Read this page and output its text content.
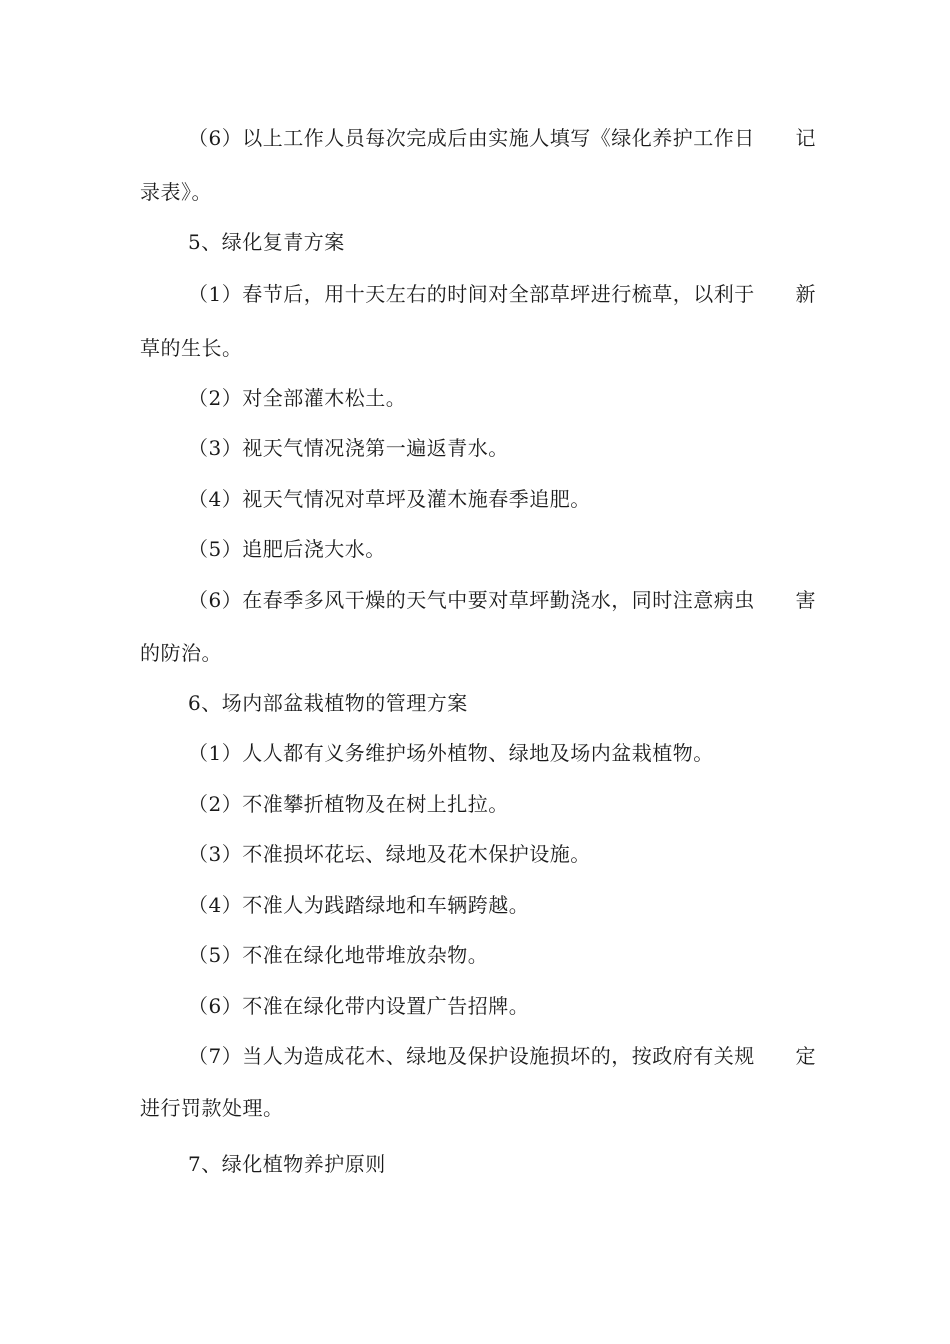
（6）以上工作人员每次完成后由实施人填写《绿化养护工作日 记
录表》。
5、绿化复青方案
（1）春节后，用十天左右的时间对全部草坪进行梳草，以利于 新
草的生长。
（2）对全部灌木松土。
（3）视天气情况浇第一遍返青水。
（4）视天气情况对草坪及灌木施春季追肥。
（5）追肥后浇大水。
（6）在春季多风干燥的天气中要对草坪勤浇水，同时注意病虫 害
的防治。
6、场内部盆栽植物的管理方案
（1）人人都有义务维护场外植物、绿地及场内盆栽植物。
（2）不准攀折植物及在树上扎拉。
（3）不准损坏花坛、绿地及花木保护设施。
（4）不准人为践踏绿地和车辆跨越。
（5）不准在绿化地带堆放杂物。
（6）不准在绿化带内设置广告招牌。
（7）当人为造成花木、绿地及保护设施损坏的，按政府有关规 定
进行罚款处理。
7、绿化植物养护原则
